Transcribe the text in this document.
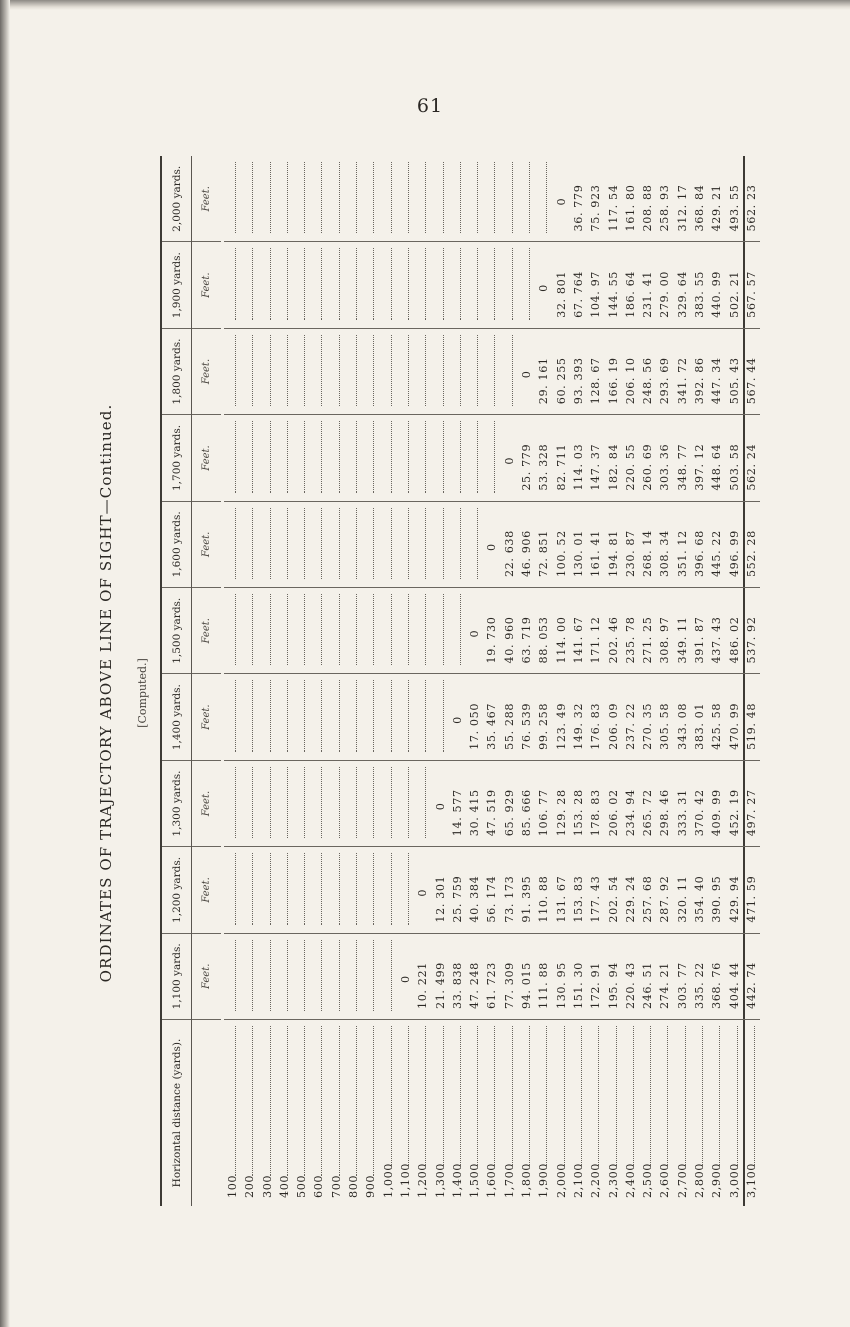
61
ORDINATES OF TRAJECTORY ABOVE LINE OF SIGHT—Continued. [Computed.]
Horizontal distance (yards).
1,100 yards.
1,200 yards.
1,300 yards.
1,400 yards.
1,500 yards.
1,600 yards.
1,700 yards.
1,800 yards.
1,900 yards.
2,000 yards.
Feet.
Feet.
Feet.
Feet.
Feet.
Feet.
Feet.
Feet.
Feet.
Feet.
100 200 300 400 500 600 700 800 900 1,000 1,100
0
1,200
10. 221
0
1,300
21. 499
12. 301
0
1,400
33. 838
25. 759
14. 577
0
1,500
47. 248
40. 384
30. 415
17. 050
0
1,600
61. 723
56. 174
47. 519
35. 467
19. 730
0
1,700
77. 309
73. 173
65. 929
55. 288
40. 960
22. 638
0
1,800
94. 015
91. 395
85. 666
76. 539
63. 719
46. 906
25. 779
0
1,900
111. 88
110. 88
106. 77
99. 258
88. 053
72. 851
53. 328
29. 161
0
2,000
130. 95
131. 67
129. 28
123. 49
114. 00
100. 52
82. 711
60. 255
32. 801
0
2,100
151. 30
153. 83
153. 28
149. 32
141. 67
130. 01
114. 03
93. 393
67. 764
36. 779
2,200
172. 91
177. 43
178. 83
176. 83
171. 12
161. 41
147. 37
128. 67
104. 97
75. 923
2,300
195. 94
202. 54
206. 02
206. 09
202. 46
194. 81
182. 84
166. 19
144. 55
117. 54
2,400
220. 43
229. 24
234. 94
237. 22
235. 78
230. 87
220. 55
206. 10
186. 64
161. 80
2,500
246. 51
257. 68
265. 72
270. 35
271. 25
268. 14
260. 69
248. 56
231. 41
208. 88
2,600
274. 21
287. 92
298. 46
305. 58
308. 97
308. 34
303. 36
293. 69
279. 00
258. 93
2,700
303. 77
320. 11
333. 31
343. 08
349. 11
351. 12
348. 77
341. 72
329. 64
312. 17
2,800
335. 22
354. 40
370. 42
383. 01
391. 87
396. 68
397. 12
392. 86
383. 55
368. 84
2,900
368. 76
390. 95
409. 99
425. 58
437. 43
445. 22
448. 64
447. 34
440. 99
429. 21
3,000
404. 44
429. 94
452. 19
470. 99
486. 02
496. 99
503. 58
505. 43
502. 21
493. 55
3,100
442. 74
471. 59
497. 27
519. 48
537. 92
552. 28
562. 24
567. 44
567. 57
562. 23
